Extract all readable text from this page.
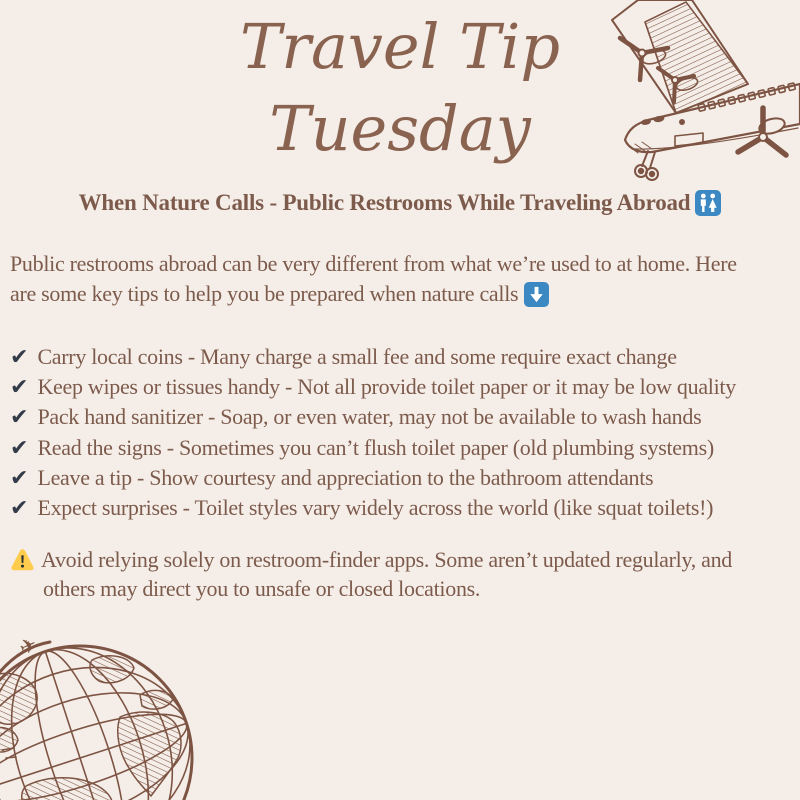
✈
Travel Tip
Tuesday
When Nature Calls - Public Restrooms While Traveling Abroad
Public restrooms abroad can be very different from what we’re used to at home. Here
are some key tips to help you be prepared when nature calls
✔ Carry local coins - Many charge a small fee and some require exact change
✔ Keep wipes or tissues handy - Not all provide toilet paper or it may be low quality
✔ Pack hand sanitizer - Soap, or even water, may not be available to wash hands
✔ Read the signs - Sometimes you can’t flush toilet paper (old plumbing systems)
✔ Leave a tip - Show courtesy and appreciation to the bathroom attendants
✔ Expect surprises - Toilet styles vary widely across the world (like squat toilets!)
Avoid relying solely on restroom-finder apps. Some aren’t updated regularly, and
others may direct you to unsafe or closed locations.
